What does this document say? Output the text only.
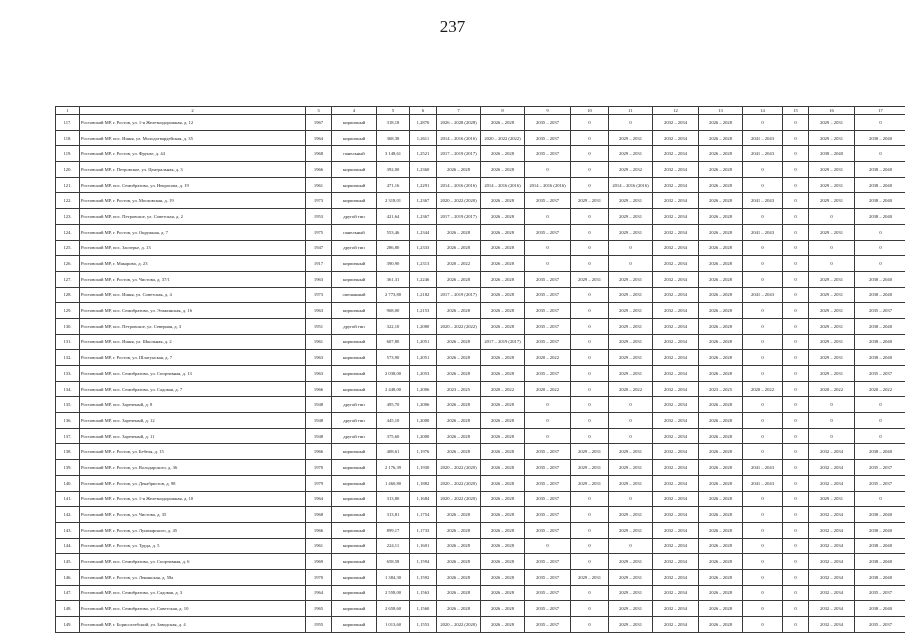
237
1	2	3	4	5	6	7	8	9	10	11	12	13	14	15	16	17
117.	Ростовский МР, г. Ростов, ул. 1-я Железнодорожная, д. 12	1967	кирпичный	318,18	1,2876	2026 – 2028 (2028)	2026 – 2028	2035 – 2037	0	0	2032 – 2034	2026 – 2028	0	0	2029 – 2031	0
118.	Ростовский МР, пос. Ишня, ул. Молодогвардейская, д. 35	1964	кирпичный	368,38	1,2611	2014 – 2016 (2016)	2020 – 2022 (2022)	2035 – 2037	0	2029 – 2031	2032 – 2034	2026 – 2028	2041 – 2043	0	2029 – 2031	2038 – 2040
119.	Ростовский МР, г. Ростов, ул. Фрунзе, д. 44	1968	панельный	3 148,61	1,2521	2017 – 2019 (2017)	2026 – 2028	2035 – 2037	0	2029 – 2031	2032 – 2034	2026 – 2028	2041 – 2043	0	2038 – 2040	0
120.	Ростовский МР, г. Петровское, ул. Центральная, д. 3	1966	кирпичный	392,00	1,2360	2026 – 2028	2026 – 2028	0	0	2029 – 2032	2032 – 2034	2026 – 2028	0	0	2029 – 2031	2038 – 2040
121.	Ростовский МР, пос. Семибратово, ул. Некрасова, д. 19	1961	кирпичный	471,16	1,2291	2014 – 2016 (2016)	2014 – 2016 (2016)	2014 – 2016 (2016)	0	2014 – 2016 (2016)	2032 – 2034	2026 – 2028	0	0	2029 – 2031	2038 – 2040
122.	Ростовский МР, г. Ростов, ул. Московская, д. 19	1973	кирпичный	2 318,01	1,2367	2020 – 2022 (2020)	2026 – 2028	2035 – 2037	2029 – 2031	2029 – 2031	2032 – 2034	2026 – 2028	2041 – 2043	0	2029 – 2031	2038 – 2040
123.	Ростовский МР, пос. Петровское, ул. Советская, д. 2	1953	другой тип	421,64	1,2367	2017 – 2019 (2017)	2026 – 2028	0	0	2029 – 2031	2032 – 2034	2026 – 2028	0	0	0	2038 – 2040
124.	Ростовский МР, г. Ростов, ул. Окружная, д. 7	1975	панельный	553,46	1,2344	2026 – 2028	2026 – 2028	2035 – 2037	0	2029 – 2031	2032 – 2034	2026 – 2028	2041 – 2043	0	2029 – 2031	0
125.	Ростовский МР, пос. Заозерье, д. 13	1947	другой тип	286,80	1,2333	2026 – 2028	2026 – 2028	0	0	0	2032 – 2034	2026 – 2028	0	0	0	0
126.	Ростовский МР, г. Макарово, д. 23	1917	кирпичный	390,90	1,2313	2020 – 2022	2026 – 2028	0	0	0	2032 – 2034	2026 – 2028	0	0	0	0
127.	Ростовский МР, г. Ростов, ул. Чистова, д. 37/1	1963	кирпичный	361,31	1,2246	2026 – 2028	2026 – 2028	2035 – 2037	2029 – 2031	2029 – 2031	2032 – 2034	2026 – 2028	0	0	2029 – 2031	2038 – 2040
128.	Ростовский МР, пос. Ишня, ул. Советская, д. 4	1973	смешанный	2 773,80	1,2182	2017 – 2019 (2017)	2026 – 2028	2035 – 2037	0	2029 – 2031	2032 – 2034	2026 – 2028	2041 – 2043	0	2029 – 2031	2038 – 2040
129.	Ростовский МР, пос. Семибратово, ул. Этажинская, д. 16	1963	кирпичный	968,00	1,2153	2026 – 2028	2026 – 2028	2035 – 2037	0	2029 – 2031	2032 – 2034	2026 – 2028	0	0	2029 – 2031	2035 – 2037
130.	Ростовский МР, пос. Петровское, ул. Северная, д. 3	1951	другой тип	322,10	1,2080	2020 – 2022 (2022)	2026 – 2028	2035 – 2037	0	2029 – 2031	2032 – 2034	2026 – 2028	0	0	2029 – 2031	2038 – 2040
131.	Ростовский МР, пос. Ишня, ул. Школьная, д. 2	1961	кирпичный	607,80	1,2051	2026 – 2028	2017 – 2019 (2017)	2035 – 2037	0	2029 – 2031	2032 – 2034	2026 – 2028	0	0	2029 – 2031	2038 – 2040
132.	Ростовский МР, г. Ростов, ул. Шлагунская, д. 7	1963	кирпичный	573,90	1,2051	2026 – 2028	2026 – 2028	2020 – 2022	0	2029 – 2031	2032 – 2034	2026 – 2028	0	0	2029 – 2031	2038 – 2040
133.	Ростовский МР, пос. Семибратово, ул. Спортивная, д. 13	1963	кирпичный	2 038,00	1,2053	2026 – 2028	2026 – 2028	2035 – 2037	0	2029 – 2031	2032 – 2034	2026 – 2028	0	0	2029 – 2031	2035 – 2037
134.	Ростовский МР, пос. Семибратово, ул. Садовая, д. 7	1966	кирпичный	2 448,00	1,2006	2023 – 2025	2020 – 2022	2020 – 2022	0	2020 – 2022	2032 – 2034	2023 – 2025	2020 – 2022	0	2020 – 2022	2020 – 2022
135.	Ростовский МР, пос. Зареченый, д. 8	1948	другой тип	495,70	1,2006	2026 – 2028	2026 – 2028	0	0	0	2032 – 2034	2026 – 2028	0	0	0	0
136.	Ростовский МР, пос. Зареченый, д. 12	1948	другой тип	445,10	1,2000	2026 – 2028	2026 – 2028	0	0	0	2032 – 2034	2026 – 2028	0	0	0	0
137.	Ростовский МР, пос. Зареченый, д. 11	1948	другой тип	375,60	1,2000	2026 – 2028	2026 – 2028	0	0	0	2032 – 2034	2026 – 2028	0	0	0	0
138.	Ростовский МР, г. Ростов, ул. Бебеля, д. 15	1966	кирпичный	408,61	1,1976	2026 – 2028	2026 – 2028	2035 – 2037	2029 – 2031	2029 – 2031	2032 – 2034	2026 – 2028	0	0	2032 – 2034	2038 – 2040
139.	Ростовский МР, г. Ростов, ул. Володарского, д. 36	1970	кирпичный	2 176,39	1,1930	2020 – 2022 (2020)	2026 – 2028	2035 – 2037	2029 – 2031	2029 – 2031	2032 – 2034	2026 – 2028	2041 – 2043	0	2032 – 2034	2035 – 2037
140.	Ростовский МР, г. Ростов, ул. Декабристов, д. 98	1979	кирпичный	1 460,80	1,1882	2020 – 2022 (2020)	2026 – 2028	2035 – 2037	2029 – 2031	2029 – 2031	2032 – 2034	2026 – 2028	2041 – 2043	0	2032 – 2034	2035 – 2037
141.	Ростовский МР, г. Ростов, ул. 1-я Железнодорожная, д. 10	1964	кирпичный	313,80	1,1684	2020 – 2022 (2020)	2026 – 2028	2035 – 2037	0	0	2032 – 2034	2026 – 2028	0	0	2029 – 2031	0
142.	Ростовский МР, г. Ростов, ул. Чистова, д. 35	1968	кирпичный	313,81	1,1754	2026 – 2028	2026 – 2028	2035 – 2037	0	2029 – 2031	2032 – 2034	2026 – 2028	0	0	2032 – 2034	2038 – 2040
143.	Ростовский МР, г. Ростов, ул. Луначарского, д. 45	1966	кирпичный	899,17	1,1733	2026 – 2028	2026 – 2028	2035 – 2037	0	2029 – 2031	2032 – 2034	2026 – 2028	0	0	2032 – 2034	2038 – 2040
144.	Ростовский МР, г. Ростов, ул. Труда, д. 5	1961	кирпичный	224,11	1,1601	2026 – 2028	2026 – 2028	0	0	0	2032 – 2034	2026 – 2028	0	0	2032 – 2034	2038 – 2040
145.	Ростовский МР, пос. Семибратово, ул. Спортивная, д. 6	1969	кирпичный	658,58	1,1594	2026 – 2028	2026 – 2028	2035 – 2037	0	2029 – 2031	2032 – 2034	2026 – 2028	0	0	2032 – 2034	2038 – 2040
146.	Ростовский МР, г. Ростов, ул. Ленинская, д. 58а	1970	кирпичный	1 384,30	1,1592	2026 – 2028	2026 – 2028	2035 – 2037	2029 – 2031	2029 – 2031	2032 – 2034	2026 – 2028	0	0	2032 – 2034	2038 – 2040
147.	Ростовский МР, пос. Семибратово, ул. Садовая, д. 3	1964	кирпичный	2 558,00	1,1563	2026 – 2028	2026 – 2028	2035 – 2037	0	2029 – 2031	2032 – 2034	2026 – 2028	0	0	2032 – 2034	2035 – 2037
148.	Ростовский МР, пос. Семибратово, ул. Советская, д. 10	1965	кирпичный	2 658,60	1,1560	2026 – 2028	2026 – 2028	2035 – 2037	0	2029 – 2031	2032 – 2034	2026 – 2028	0	0	2032 – 2034	2038 – 2040
149.	Ростовский МР, г. Борисоглебский, ул. Заводская, д. 4	1955	кирпичный	1 013,60	1,1553	2020 – 2022 (2020)	2026 – 2028	2035 – 2037	0	2029 – 2031	2032 – 2034	2026 – 2028	0	0	2032 – 2034	2035 – 2037
